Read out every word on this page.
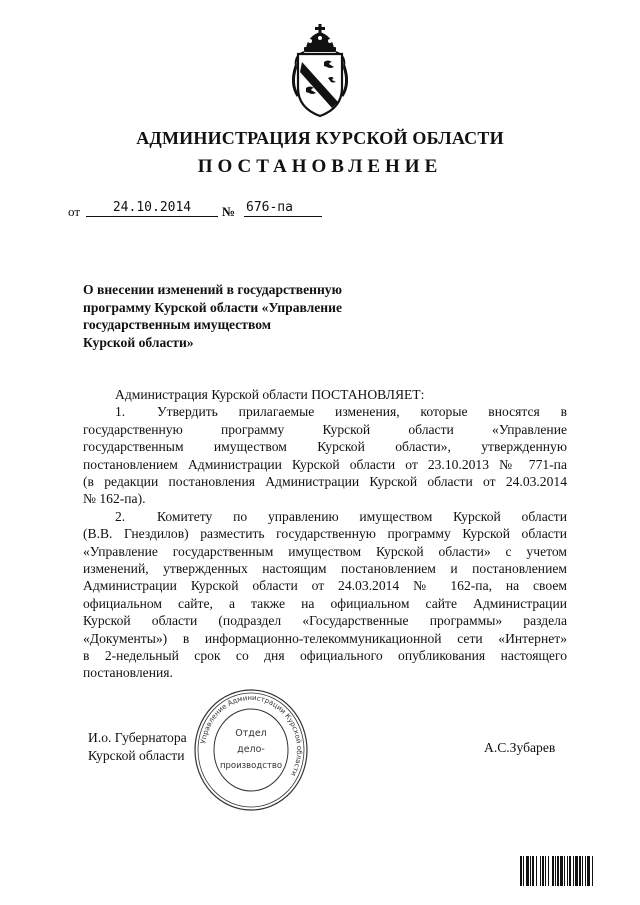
АДМИНИСТРАЦИЯ КУРСКОЙ ОБЛАСТИ
ПОСТАНОВЛЕНИЕ
от	24.10.2014	№ 676-па
О внесении изменений в государственную
программу Курской области «Управление
государственным имуществом
Курской области»
Администрация Курской области ПОСТАНОВЛЯЕТ:
1.	Утвердить прилагаемые изменения, которые вносятся в
государственную программу Курской области «Управление
государственным имуществом Курской области», утвержденную
постановлением Администрации Курской области от 23.10.2013 № 771-па
(в редакции постановления Администрации Курской области от 24.03.2014
№ 162-па).
2.	Комитету по управлению имуществом Курской области
(В.В. Гнездилов) разместить государственную программу Курской области
«Управление государственным имуществом Курской области» с учетом
изменений, утвержденных настоящим постановлением и постановлением
Администрации Курской области от 24.03.2014 № 162-па, на своем
официальном сайте, а также на официальном сайте Администрации
Курской области (подраздел «Государственные программы» раздела
«Документы») в информационно-телекоммуникационной сети «Интернет»
в 2-недельный срок со дня официального опубликования настоящего
постановления.
И.о. Губернатора
Курской области
А.С.Зубарев
Управление Администрации Курской области
Отдел
дело-
производство
